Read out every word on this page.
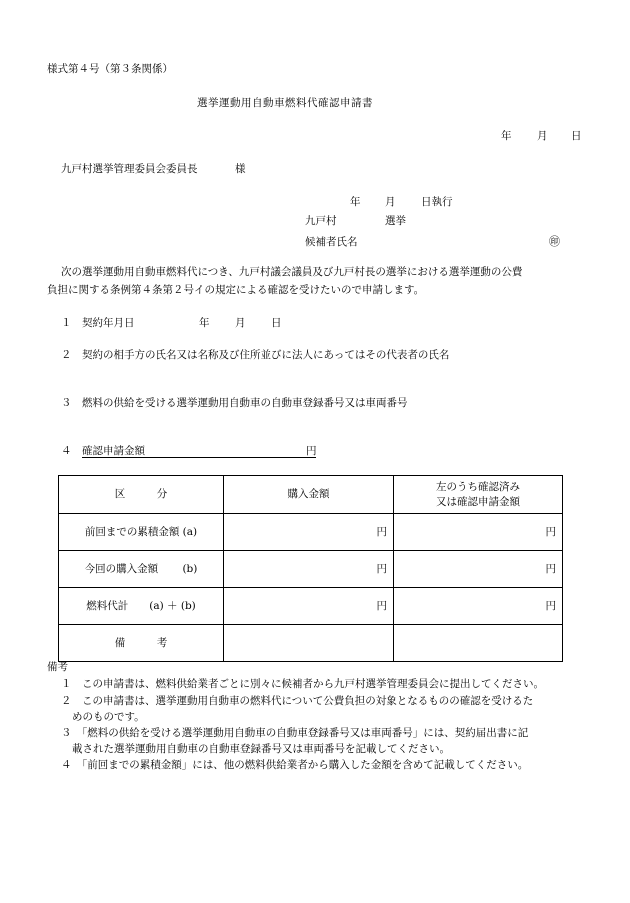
様式第４号（第３条関係）
選挙運動用自動車燃料代確認申請書
年 月 日
九戸村選挙管理委員会委員長	様
年 月 日執行
九戸村	選挙
候補者氏名	㊞
次の選挙運動用自動車燃料代につき、九戸村議会議員及び九戸村長の選挙における選挙運動の公費
負担に関する条例第４条第２号イの規定による確認を受けたいので申請します。
１ 契約年月日	年 月 日
２ 契約の相手方の氏名又は名称及び住所並びに法人にあってはその代表者の氏名
３ 燃料の供給を受ける選挙運動用自動車の自動車登録番号又は車両番号
４ 確認申請金額	円
区　　　分	購入金額	左のうち確認済み
又は確認申請金額

前回までの累積金額 (a)	円	円
今回の購入金額　　 (b)	円	円
燃料代計　　(a) ＋ (b)	円	円
備　　　考		
備考
１　この申請書は、燃料供給業者ごとに別々に候補者から九戸村選挙管理委員会に提出してください。
２　この申請書は、選挙運動用自動車の燃料代について公費負担の対象となるものの確認を受けるた
めのものです。
３　「燃料の供給を受ける選挙運動用自動車の自動車登録番号又は車両番号」には、契約届出書に記
載された選挙運動用自動車の自動車登録番号又は車両番号を記載してください。
４　「前回までの累積金額」には、他の燃料供給業者から購入した金額を含めて記載してください。
